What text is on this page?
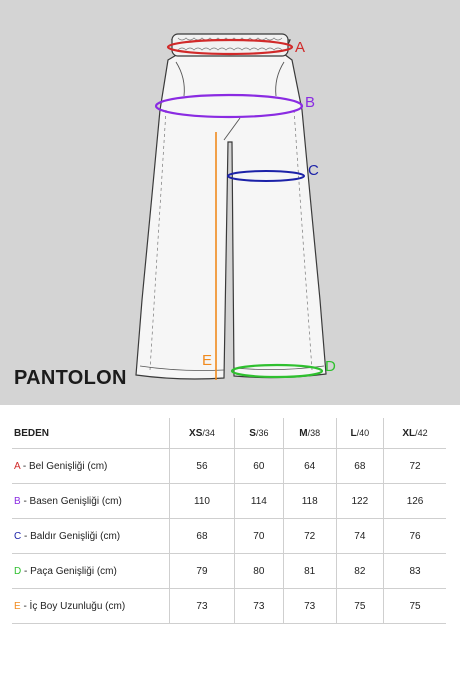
A
B
C
D
E
PANTOLON
BEDEN	XS/34	S/36	M/38	L/40	XL/42
A - Bel Genişliği (cm)	56	60	64	68	72
B - Basen Genişliği (cm)	110	114	118	122	126
C - Baldır Genişliği (cm)	68	70	72	74	76
D - Paça Genişliği (cm)	79	80	81	82	83
E - İç Boy Uzunluğu (cm)	73	73	73	75	75
